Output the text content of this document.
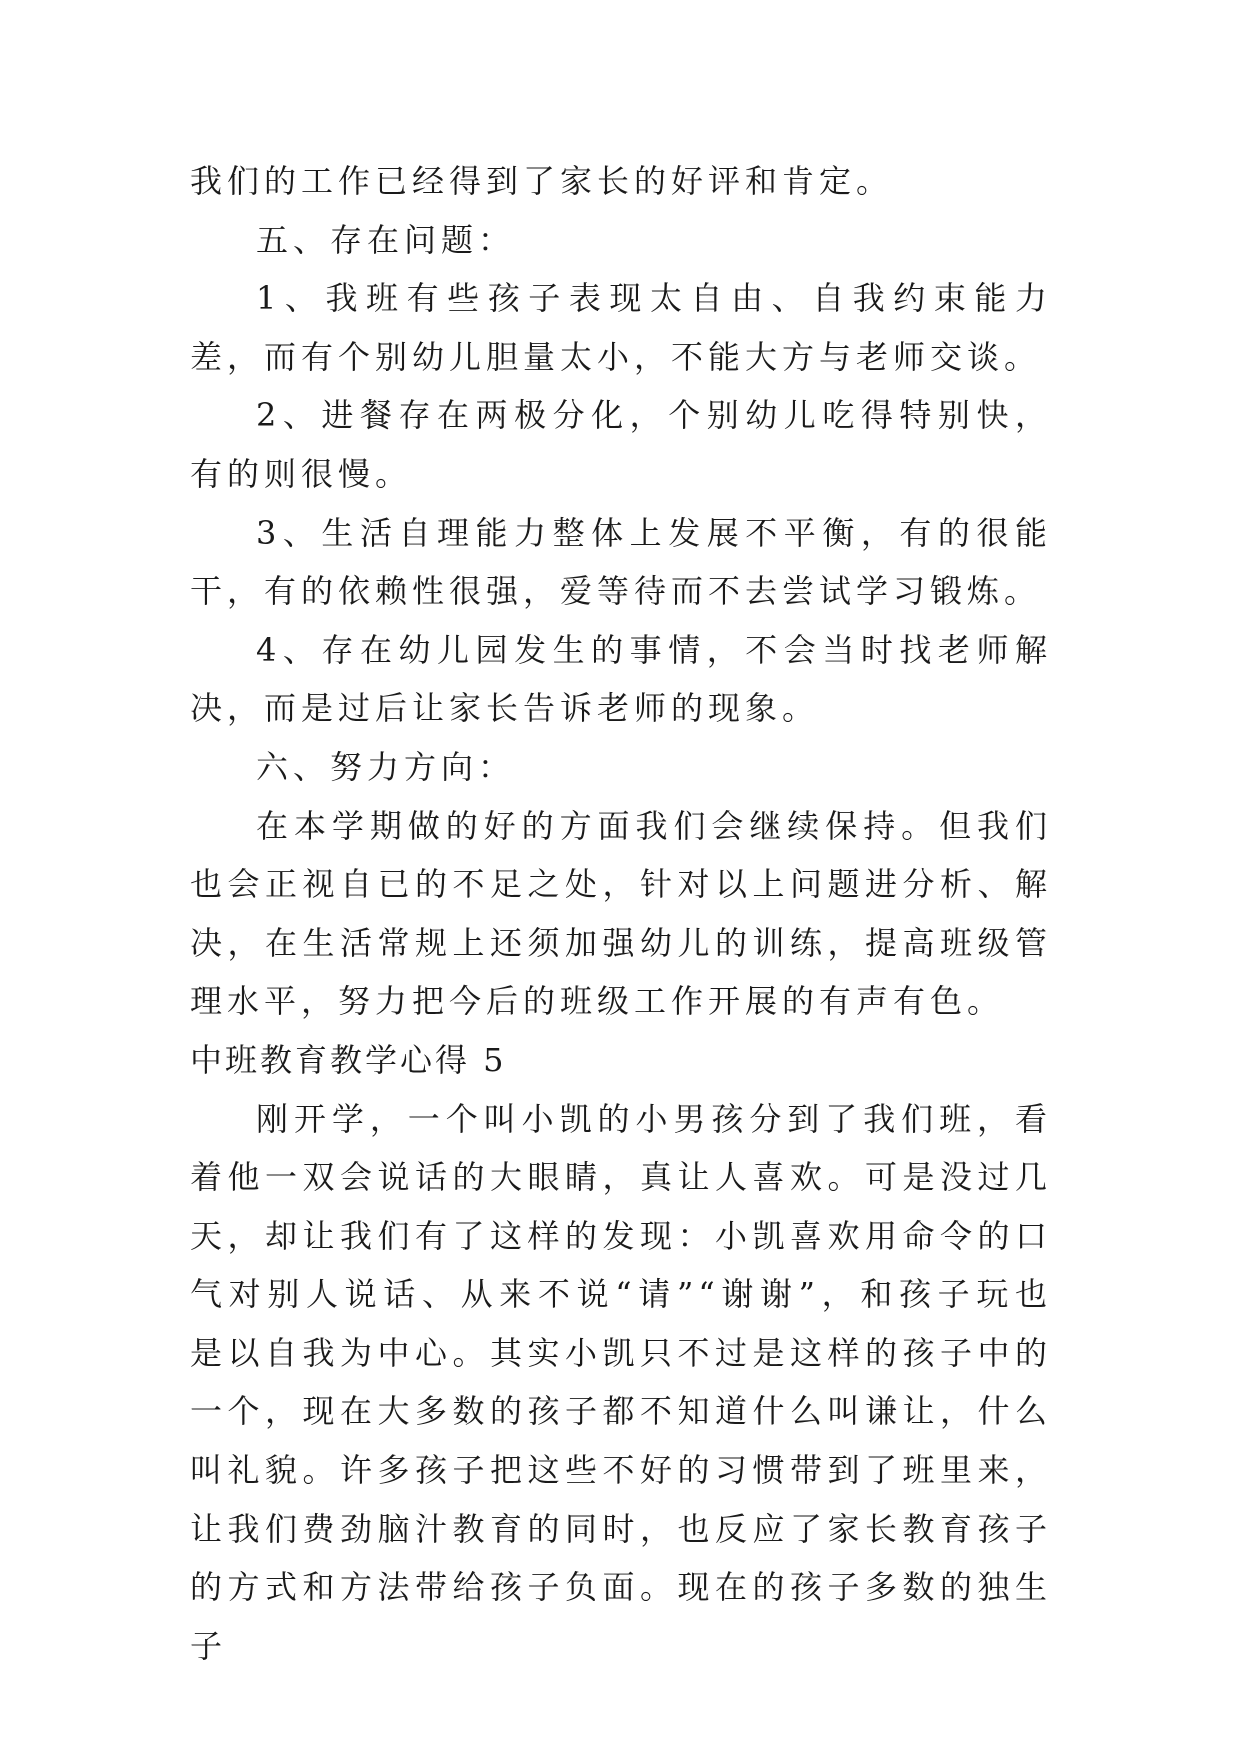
我们的工作已经得到了家长的好评和肯定。

五、存在问题：

1、我班有些孩子表现太自由、自我约束能力差，而有个别幼儿胆量太小，不能大方与老师交谈。

2、进餐存在两极分化，个别幼儿吃得特别快，有的则很慢。

3、生活自理能力整体上发展不平衡，有的很能干，有的依赖性很强，爱等待而不去尝试学习锻炼。

4、存在幼儿园发生的事情，不会当时找老师解决，而是过后让家长告诉老师的现象。

六、努力方向：

在本学期做的好的方面我们会继续保持。但我们也会正视自已的不足之处，针对以上问题进分析、解决，在生活常规上还须加强幼儿的训练，提高班级管理水平，努力把今后的班级工作开展的有声有色。

中班教育教学心得 5

刚开学，一个叫小凯的小男孩分到了我们班，看着他一双会说话的大眼睛，真让人喜欢。可是没过几天，却让我们有了这样的发现：小凯喜欢用命令的口气对别人说话、从来不说“请”“谢谢”，和孩子玩也是以自我为中心。其实小凯只不过是这样的孩子中的一个，现在大多数的孩子都不知道什么叫谦让，什么叫礼貌。许多孩子把这些不好的习惯带到了班里来，让我们费劲脑汁教育的同时，也反应了家长教育孩子的方式和方法带给孩子负面。现在的孩子多数的独生子
